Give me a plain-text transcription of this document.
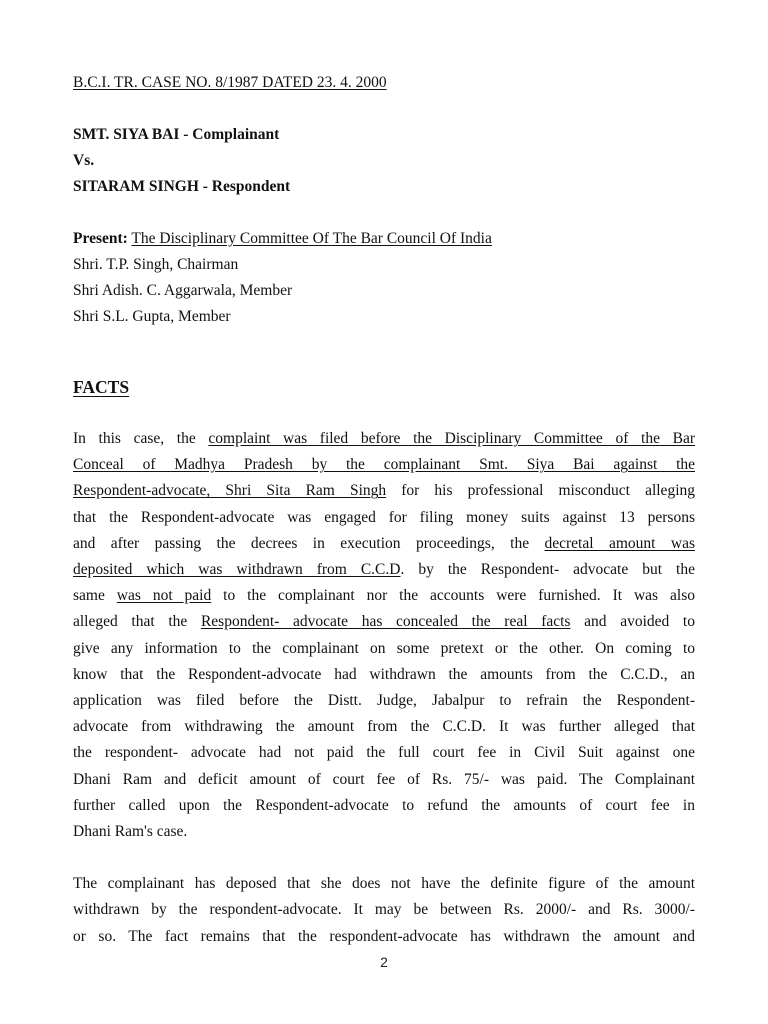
B.C.I. TR. CASE NO. 8/1987 DATED 23. 4. 2000
SMT. SIYA BAI - Complainant
Vs.
SITARAM SINGH - Respondent
Present: The Disciplinary Committee Of The Bar Council Of India
Shri. T.P. Singh, Chairman
Shri Adish. C. Aggarwala, Member
Shri S.L. Gupta, Member
FACTS
In this case, the complaint was filed before the Disciplinary Committee of the Bar
Conceal of Madhya Pradesh by the complainant Smt. Siya Bai against the
Respondent-advocate, Shri Sita Ram Singh for his professional misconduct alleging
that the Respondent-advocate was engaged for filing money suits against 13 persons
and after passing the decrees in execution proceedings, the decretal amount was
deposited which was withdrawn from C.C.D. by the Respondent- advocate but the
same was not paid to the complainant nor the accounts were furnished. It was also
alleged that the Respondent- advocate has concealed the real facts and avoided to
give any information to the complainant on some pretext or the other. On coming to
know that the Respondent-advocate had withdrawn the amounts from the C.C.D., an
application was filed before the Distt. Judge, Jabalpur to refrain the Respondent-
advocate from withdrawing the amount from the C.C.D. It was further alleged that
the respondent- advocate had not paid the full court fee in Civil Suit against one
Dhani Ram and deficit amount of court fee of Rs. 75/- was paid. The Complainant
further called upon the Respondent-advocate to refund the amounts of court fee in
Dhani Ram's case.
The complainant has deposed that she does not have the definite figure of the amount
withdrawn by the respondent-advocate. It may be between Rs. 2000/- and Rs. 3000/-
or so. The fact remains that the respondent-advocate has withdrawn the amount and
2
